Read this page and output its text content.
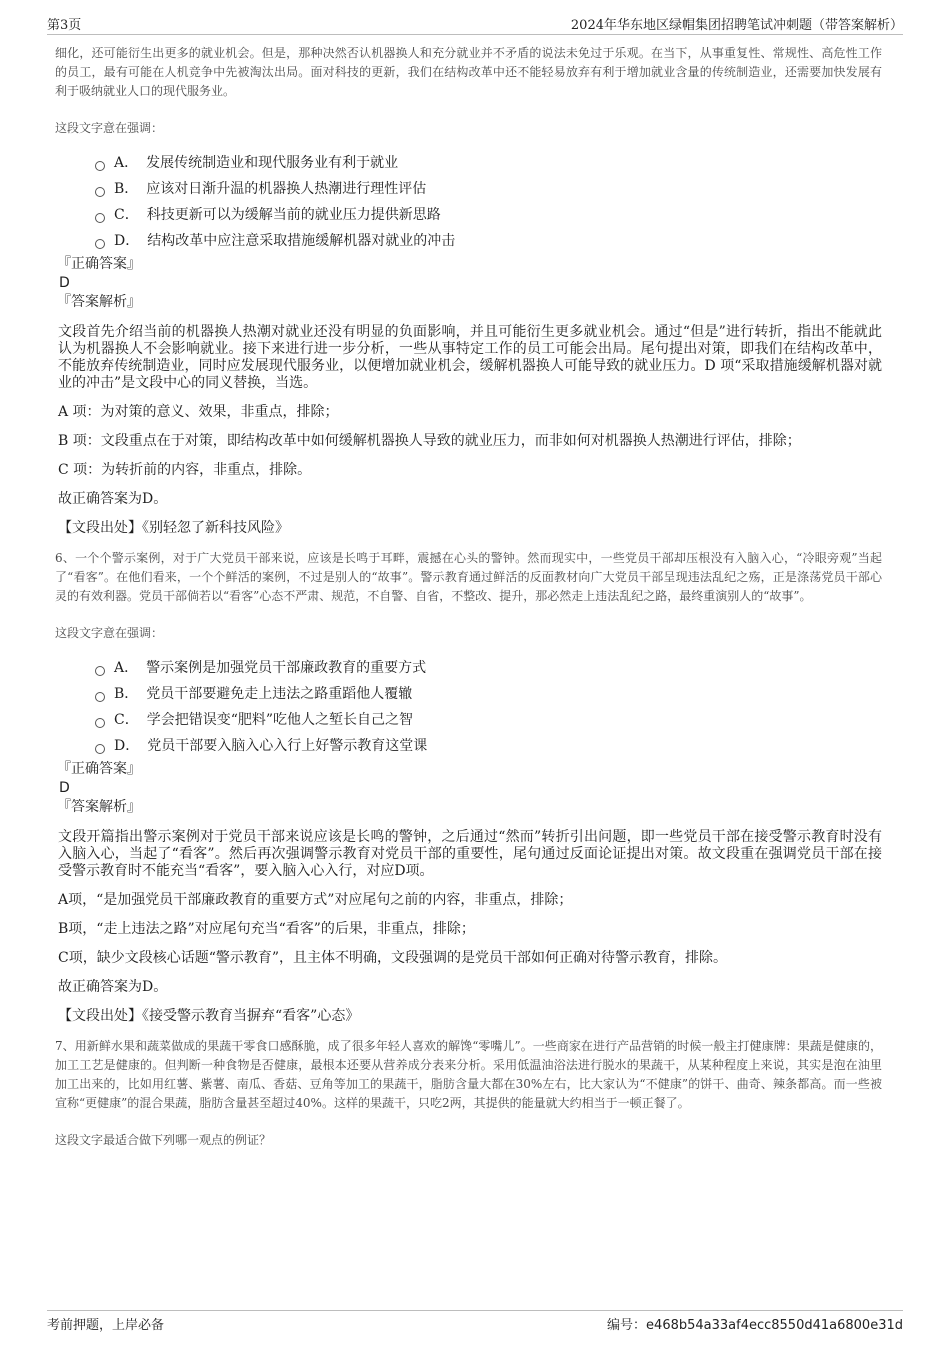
第3页	2024年华东地区绿帽集团招聘笔试冲刺题（带答案解析）

细化，还可能衍生出更多的就业机会。但是，那种决然否认机器换人和充分就业并不矛盾的说法未免过于乐观。在当下，从事重复性、常规性、高危性工作的员工，最有可能在人机竞争中先被淘汰出局。面对科技的更新，我们在结构改革中还不能轻易放弃有利于增加就业含量的传统制造业，还需要加快发展有利于吸纳就业人口的现代服务业。

这段文字意在强调：

A． 发展传统制造业和现代服务业有利于就业
B． 应该对日渐升温的机器换人热潮进行理性评估
C． 科技更新可以为缓解当前的就业压力提供新思路
D． 结构改革中应注意采取措施缓解机器对就业的冲击

『正确答案』

D

『答案解析』

文段首先介绍当前的机器换人热潮对就业还没有明显的负面影响，并且可能衍生更多就业机会。通过“但是”进行转折，指出不能就此认为机器换人不会影响就业。接下来进行进一步分析，一些从事特定工作的员工可能会出局。尾句提出对策，即我们在结构改革中，不能放弃传统制造业，同时应发展现代服务业，以便增加就业机会，缓解机器换人可能导致的就业压力。D 项“采取措施缓解机器对就业的冲击”是文段中心的同义替换，当选。

A 项：为对策的意义、效果，非重点，排除；

B 项：文段重点在于对策，即结构改革中如何缓解机器换人导致的就业压力，而非如何对机器换人热潮进行评估，排除；

C 项：为转折前的内容，非重点，排除。

故正确答案为D。

【文段出处】《别轻忽了新科技风险》

6、一个个警示案例，对于广大党员干部来说，应该是长鸣于耳畔，震撼在心头的警钟。然而现实中，一些党员干部却压根没有入脑入心，“冷眼旁观”当起了“看客”。在他们看来，一个个鲜活的案例，不过是别人的“故事”。警示教育通过鲜活的反面教材向广大党员干部呈现违法乱纪之殇，正是涤荡党员干部心灵的有效利器。党员干部倘若以“看客”心态不严肃、规范，不自警、自省，不整改、提升，那必然走上违法乱纪之路，最终重演别人的“故事”。

这段文字意在强调：

A． 警示案例是加强党员干部廉政教育的重要方式
B． 党员干部要避免走上违法之路重蹈他人覆辙
C． 学会把错误变“肥料”吃他人之堑长自己之智
D． 党员干部要入脑入心入行上好警示教育这堂课

『正确答案』

D

『答案解析』

文段开篇指出警示案例对于党员干部来说应该是长鸣的警钟，之后通过“然而”转折引出问题，即一些党员干部在接受警示教育时没有入脑入心，当起了“看客”。然后再次强调警示教育对党员干部的重要性，尾句通过反面论证提出对策。故文段重在强调党员干部在接受警示教育时不能充当“看客”，要入脑入心入行，对应D项。

A项，“是加强党员干部廉政教育的重要方式”对应尾句之前的内容，非重点，排除；

B项，“走上违法之路”对应尾句充当“看客”的后果，非重点，排除；

C项，缺少文段核心话题“警示教育”，且主体不明确，文段强调的是党员干部如何正确对待警示教育，排除。

故正确答案为D。

【文段出处】《接受警示教育当摒弃“看客”心态》

7、用新鲜水果和蔬菜做成的果蔬干零食口感酥脆，成了很多年轻人喜欢的解馋“零嘴儿”。一些商家在进行产品营销的时候一般主打健康牌：果蔬是健康的，加工工艺是健康的。但判断一种食物是否健康，最根本还要从营养成分表来分析。采用低温油浴法进行脱水的果蔬干，从某种程度上来说，其实是泡在油里加工出来的，比如用红薯、紫薯、南瓜、香菇、豆角等加工的果蔬干，脂肪含量大都在30%左右，比大家认为“不健康”的饼干、曲奇、辣条都高。而一些被宣称“更健康”的混合果蔬，脂肪含量甚至超过40%。这样的果蔬干，只吃2两，其提供的能量就大约相当于一顿正餐了。

这段文字最适合做下列哪一观点的例证？

考前押题，上岸必备	编号：e468b54a33af4ecc8550d41a6800e31d
